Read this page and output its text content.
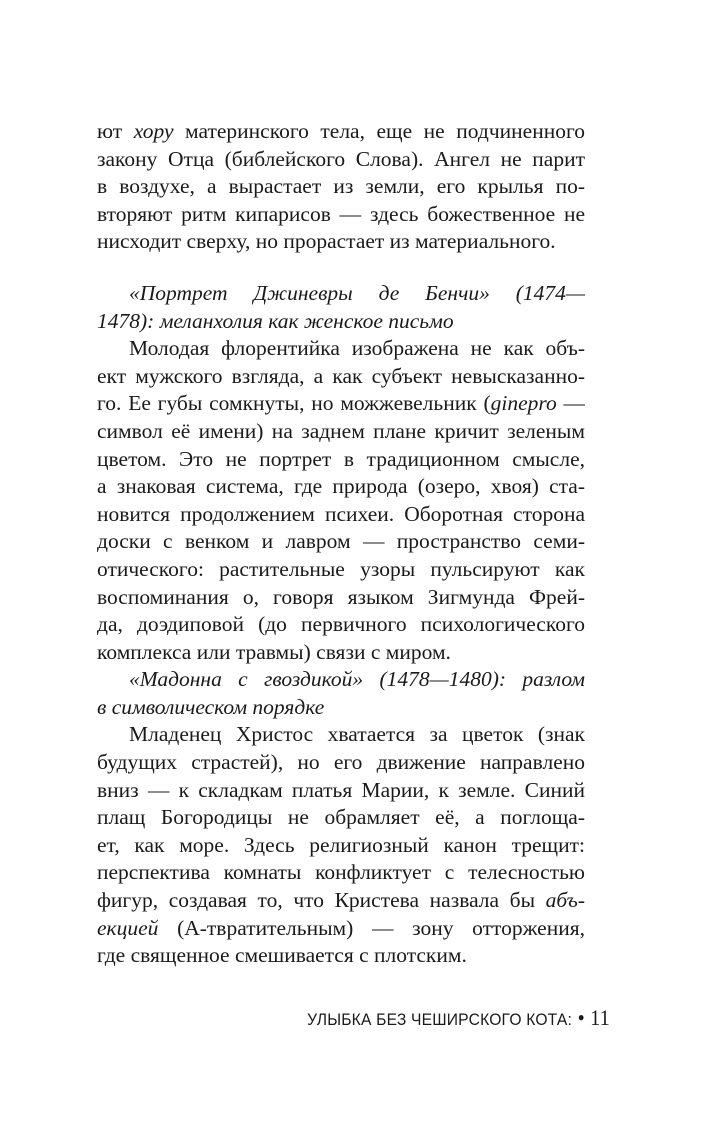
ют хору материнского тела, еще не подчиненного
закону Отца (библейского Слова). Ангел не парит
в воздухе, а вырастает из земли, его крылья по-
вторяют ритм кипарисов — здесь божественное не
нисходит сверху, но прорастает из материального.
«Портрет Джиневры де Бенчи» (1474—
1478): меланхолия как женское письмо
Молодая флорентийка изображена не как объ-
ект мужского взгляда, а как субъект невысказанно-
го. Ее губы сомкнуты, но можжевельник (ginepro —
символ её имени) на заднем плане кричит зеленым
цветом. Это не портрет в традиционном смысле,
а знаковая система, где природа (озеро, хвоя) ста-
новится продолжением психеи. Оборотная сторона
доски с венком и лавром — пространство семи-
отического: растительные узоры пульсируют как
воспоминания о, говоря языком Зигмунда Фрей-
да, доэдиповой (до первичного психологического
комплекса или травмы) связи с миром.
«Мадонна с гвоздикой» (1478—1480): разлом
в символическом порядке
Младенец Христос хватается за цветок (знак
будущих страстей), но его движение направлено
вниз — к складкам платья Марии, к земле. Синий
плащ Богородицы не обрамляет её, а поглоща-
ет, как море. Здесь религиозный канон трещит:
перспектива комнаты конфликтует с телесностью
фигур, создавая то, что Кристева назвала бы абъ-
екцией (А-твратительным) — зону отторжения,
где священное смешивается с плотским.
УЛЫБКА БЕЗ ЧЕШИРСКОГО КОТА: • 11
